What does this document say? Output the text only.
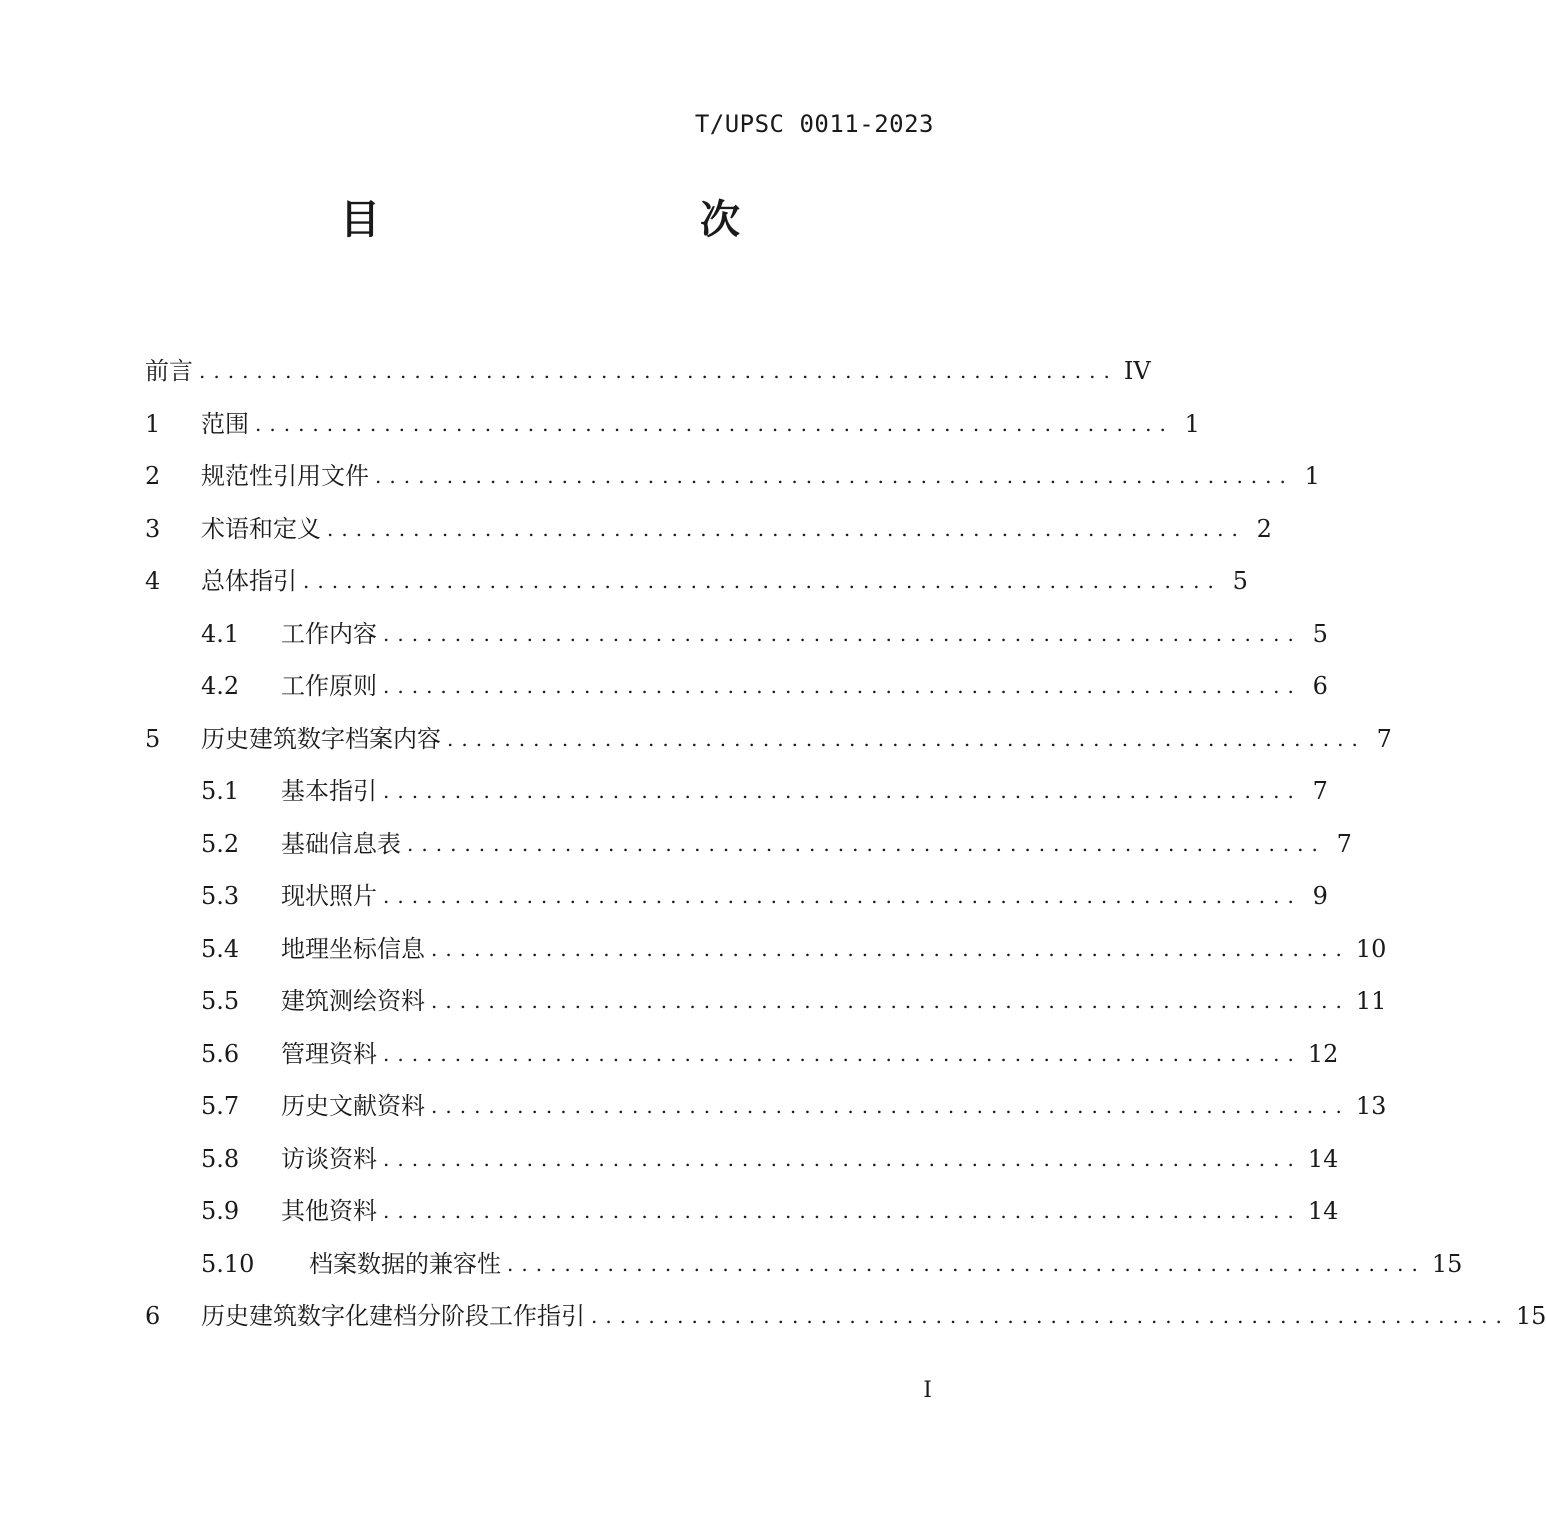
T/UPSC 0011-2023
目　　次
前言 ................................................................ IV
1	范围 ................................................................ 1
2	规范性引用文件 ................................................................ 1
3	术语和定义 ................................................................ 2
4	总体指引 ................................................................ 5
4.1	工作内容 ................................................................ 5
4.2	工作原则 ................................................................ 6
5	历史建筑数字档案内容 ................................................................ 7
5.1	基本指引 ................................................................ 7
5.2	基础信息表 ................................................................ 7
5.3	现状照片 ................................................................ 9
5.4	地理坐标信息 ................................................................ 10
5.5	建筑测绘资料 ................................................................ 11
5.6	管理资料 ................................................................ 12
5.7	历史文献资料 ................................................................ 13
5.8	访谈资料 ................................................................ 14
5.9	其他资料 ................................................................ 14
5.10	档案数据的兼容性 ................................................................ 15
6	历史建筑数字化建档分阶段工作指引 ................................................................ 15
I
